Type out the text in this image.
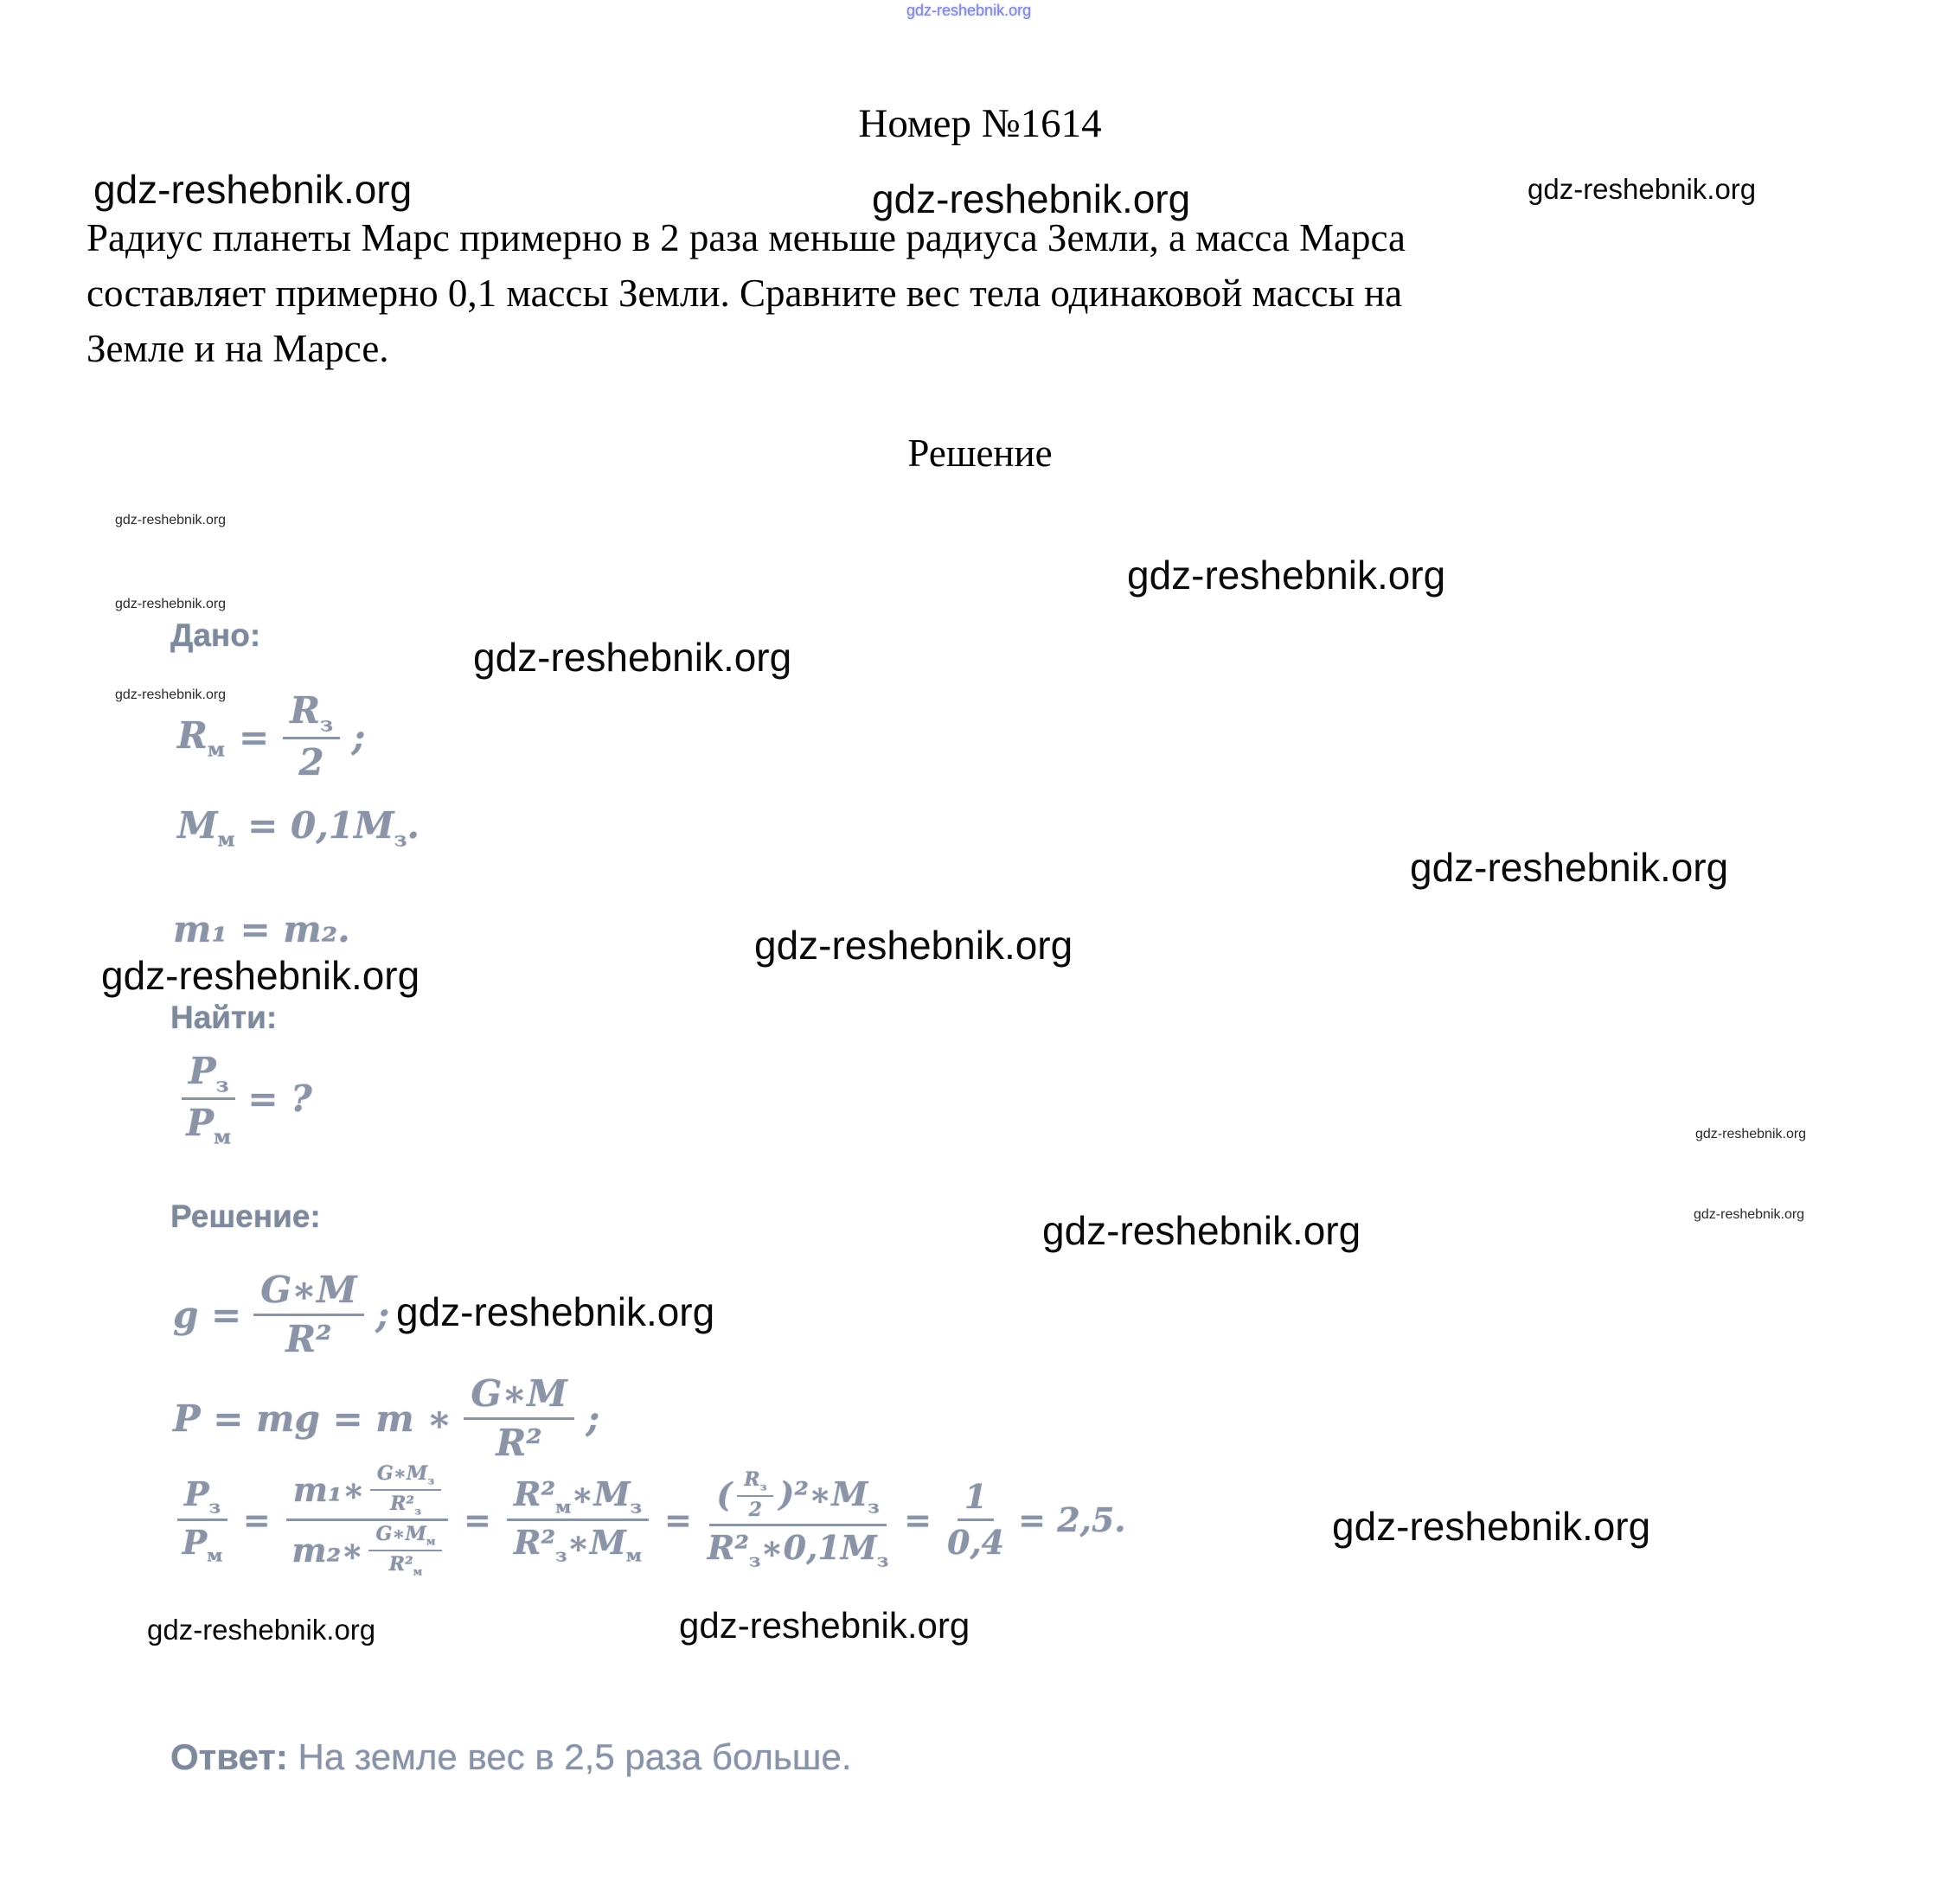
gdz-reshebnik.org
gdz-reshebnik.org	gdz-reshebnik.org	gdz-reshebnik.org
gdz-reshebnik.org
gdz-reshebnik.org
gdz-reshebnik.org
gdz-reshebnik.org
gdz-reshebnik.org
gdz-reshebnik.org
gdz-reshebnik.org
gdz-reshebnik.org
gdz-reshebnik.org
gdz-reshebnik.org	gdz-reshebnik.org
gdz-reshebnik.org
gdz-reshebnik.org
gdz-reshebnik.org	gdz-reshebnik.org
Номер №1614
Радиус планеты Марс примерно в 2 раза меньше радиуса Земли, а масса Марса
составляет примерно 0,1 массы Земли. Сравните вес тела одинаковой массы на
Земле и на Марсе.
Решение
Дано:
$R_м = \frac{R_з}{2}$ ;
$M_м = 0,1M_з$.
m₁ = m₂.
Найти:
$\frac{P_з}{P_м}$ = ?
Решение:
$g = \frac{G∗M}{\text{R²}}$ ;
P = mg = m ∗ $\frac{G∗M}{\text{R²}}$ ;
$\frac{P_з}{P_м} = \frac{m_1∗ \frac{G∗M_з}{R^2_з}}{m_2∗ \frac{G∗M_м}{R^2_м}} = \frac{R^2_м∗M_з}{R^2_з∗M_м} = \frac{( \frac{R_з}{2} )^2∗M_з}{R^2_з∗0,1M_з} = \frac{1}{0,4} = 2,5$.
Ответ: На земле вес в 2,5 раза больше.
